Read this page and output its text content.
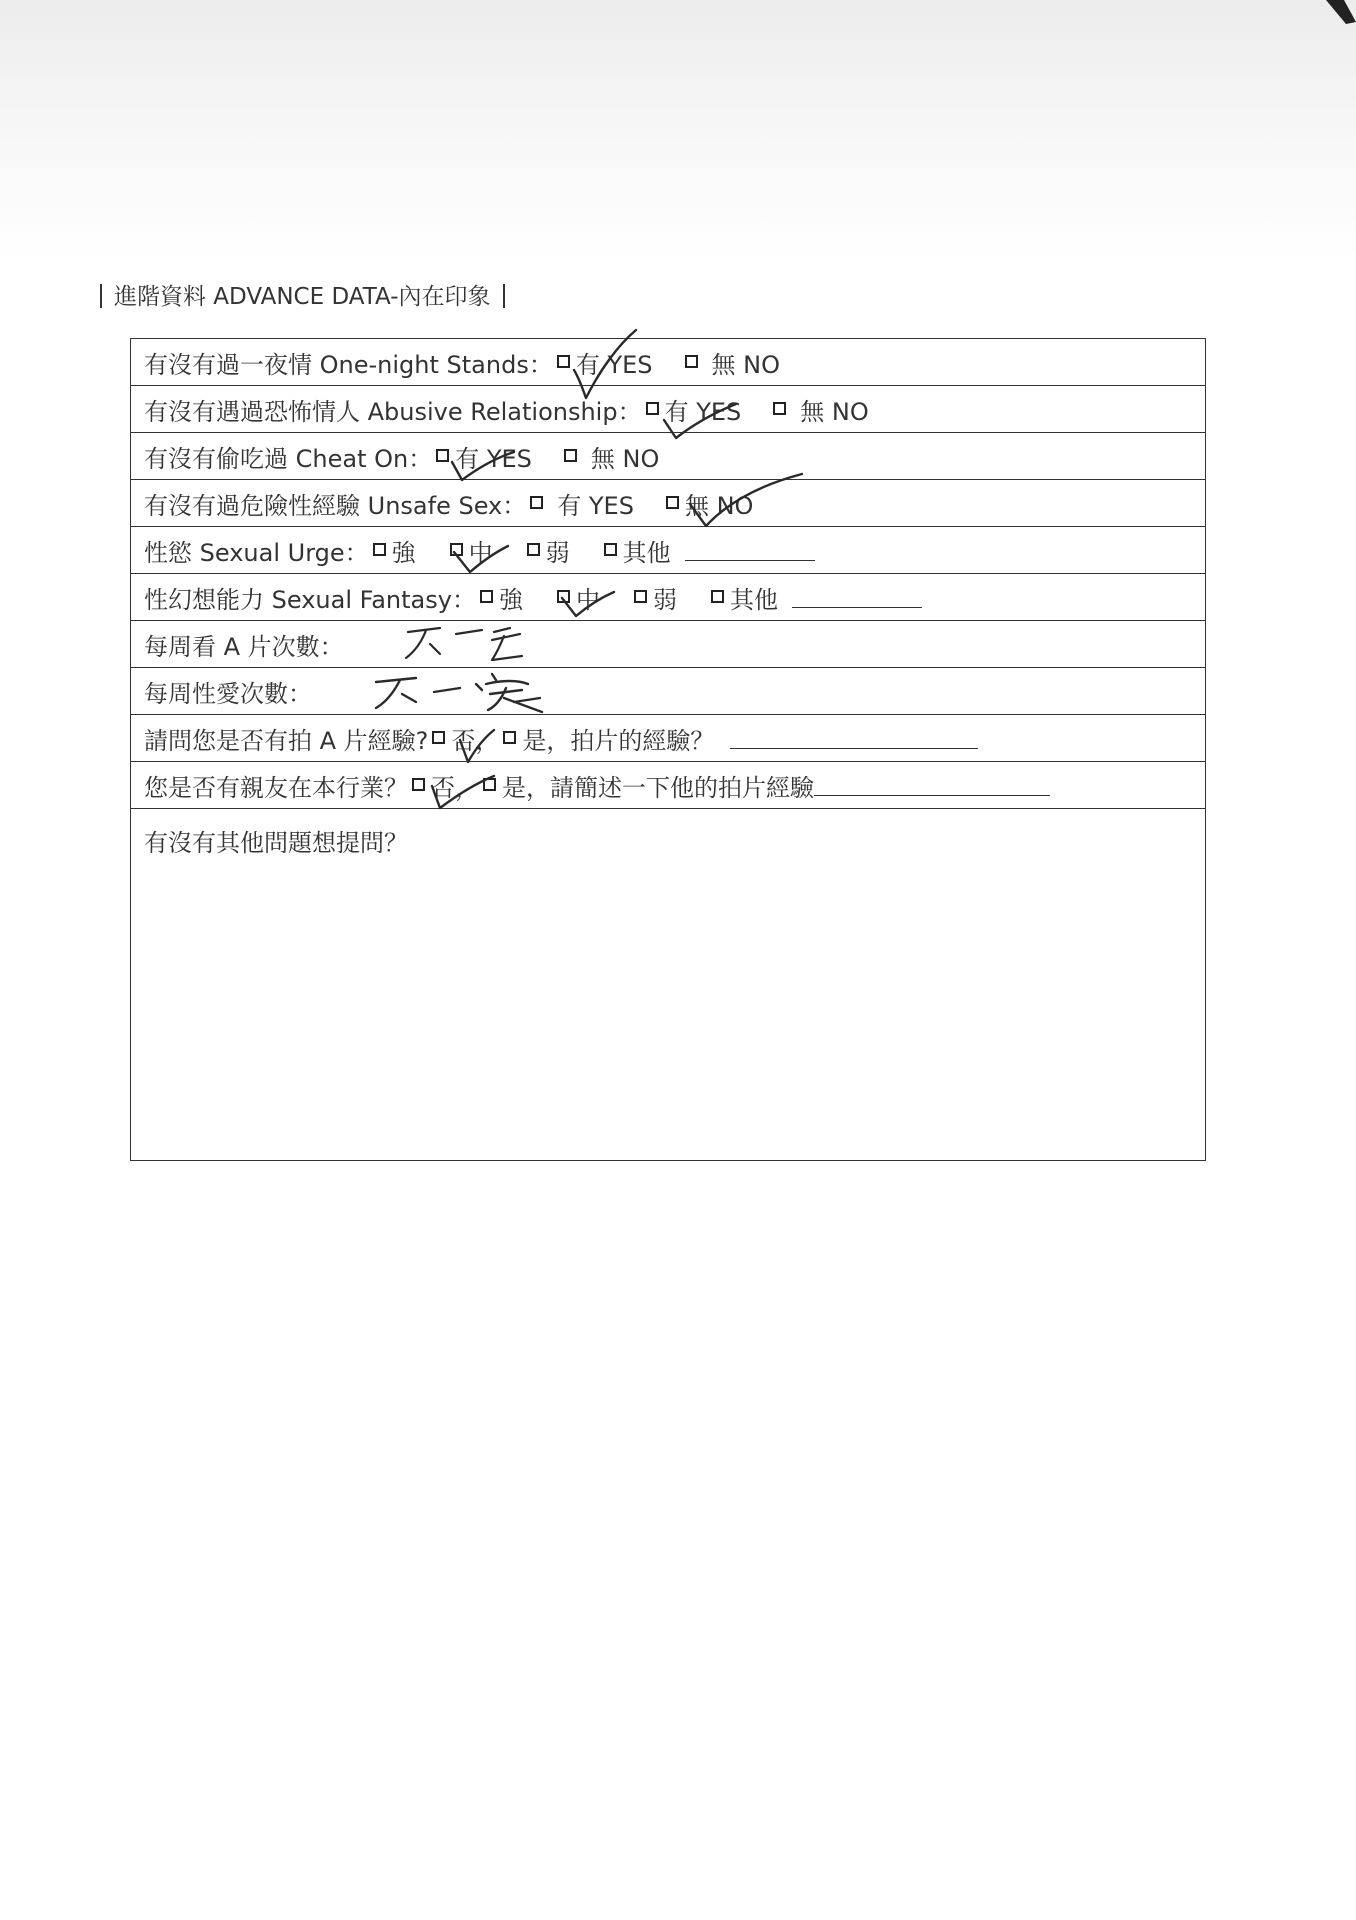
進階資料 ADVANCE DATA-內在印象
有沒有過一夜情 One-night Stands： 有 YES 無 NO
有沒有遇過恐怖情人 Abusive Relationship： 有 YES 無 NO
有沒有偷吃過 Cheat On： 有 YES 無 NO
有沒有過危險性經驗 Unsafe Sex： 有 YES 無 NO
性慾 Sexual Urge： 強 中 弱 其他
性幻想能力 Sexual Fantasy： 強 中 弱 其他
每周看 A 片次數：
每周性愛次數：
請問您是否有拍 A 片經驗? 否， 是，拍片的經驗？
您是否有親友在本行業？ 否， 是，請簡述一下他的拍片經驗
有沒有其他問題想提問？
